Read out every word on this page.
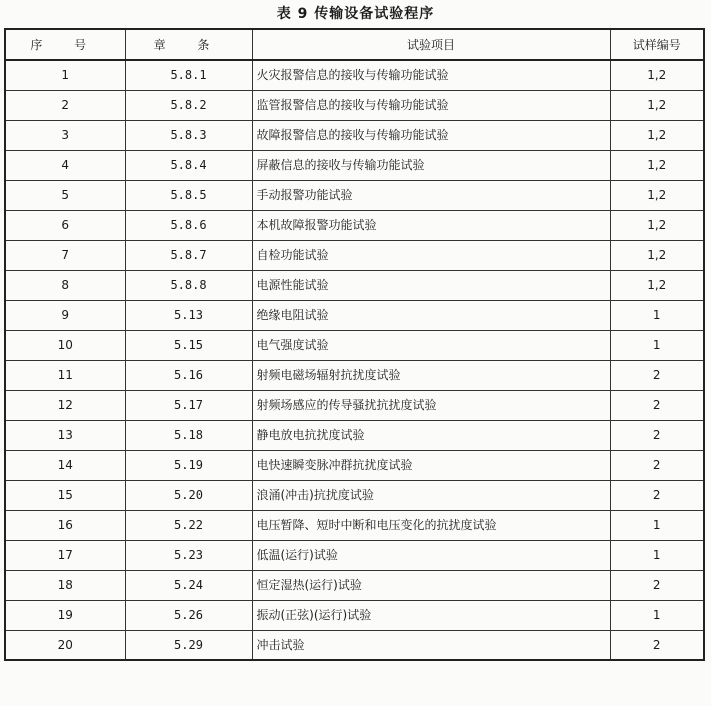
表 9 传输设备试验程序
序 号	章 条	试验项目	试样编号
1	5.8.1	火灾报警信息的接收与传输功能试验	1,2
2	5.8.2	监管报警信息的接收与传输功能试验	1,2
3	5.8.3	故障报警信息的接收与传输功能试验	1,2
4	5.8.4	屏蔽信息的接收与传输功能试验	1,2
5	5.8.5	手动报警功能试验	1,2
6	5.8.6	本机故障报警功能试验	1,2
7	5.8.7	自检功能试验	1,2
8	5.8.8	电源性能试验	1,2
9	5.13	绝缘电阻试验	1
10	5.15	电气强度试验	1
11	5.16	射频电磁场辐射抗扰度试验	2
12	5.17	射频场感应的传导骚扰抗扰度试验	2
13	5.18	静电放电抗扰度试验	2
14	5.19	电快速瞬变脉冲群抗扰度试验	2
15	5.20	浪涌(冲击)抗扰度试验	2
16	5.22	电压暂降、短时中断和电压变化的抗扰度试验	1
17	5.23	低温(运行)试验	1
18	5.24	恒定湿热(运行)试验	2
19	5.26	振动(正弦)(运行)试验	1
20	5.29	冲击试验	2
